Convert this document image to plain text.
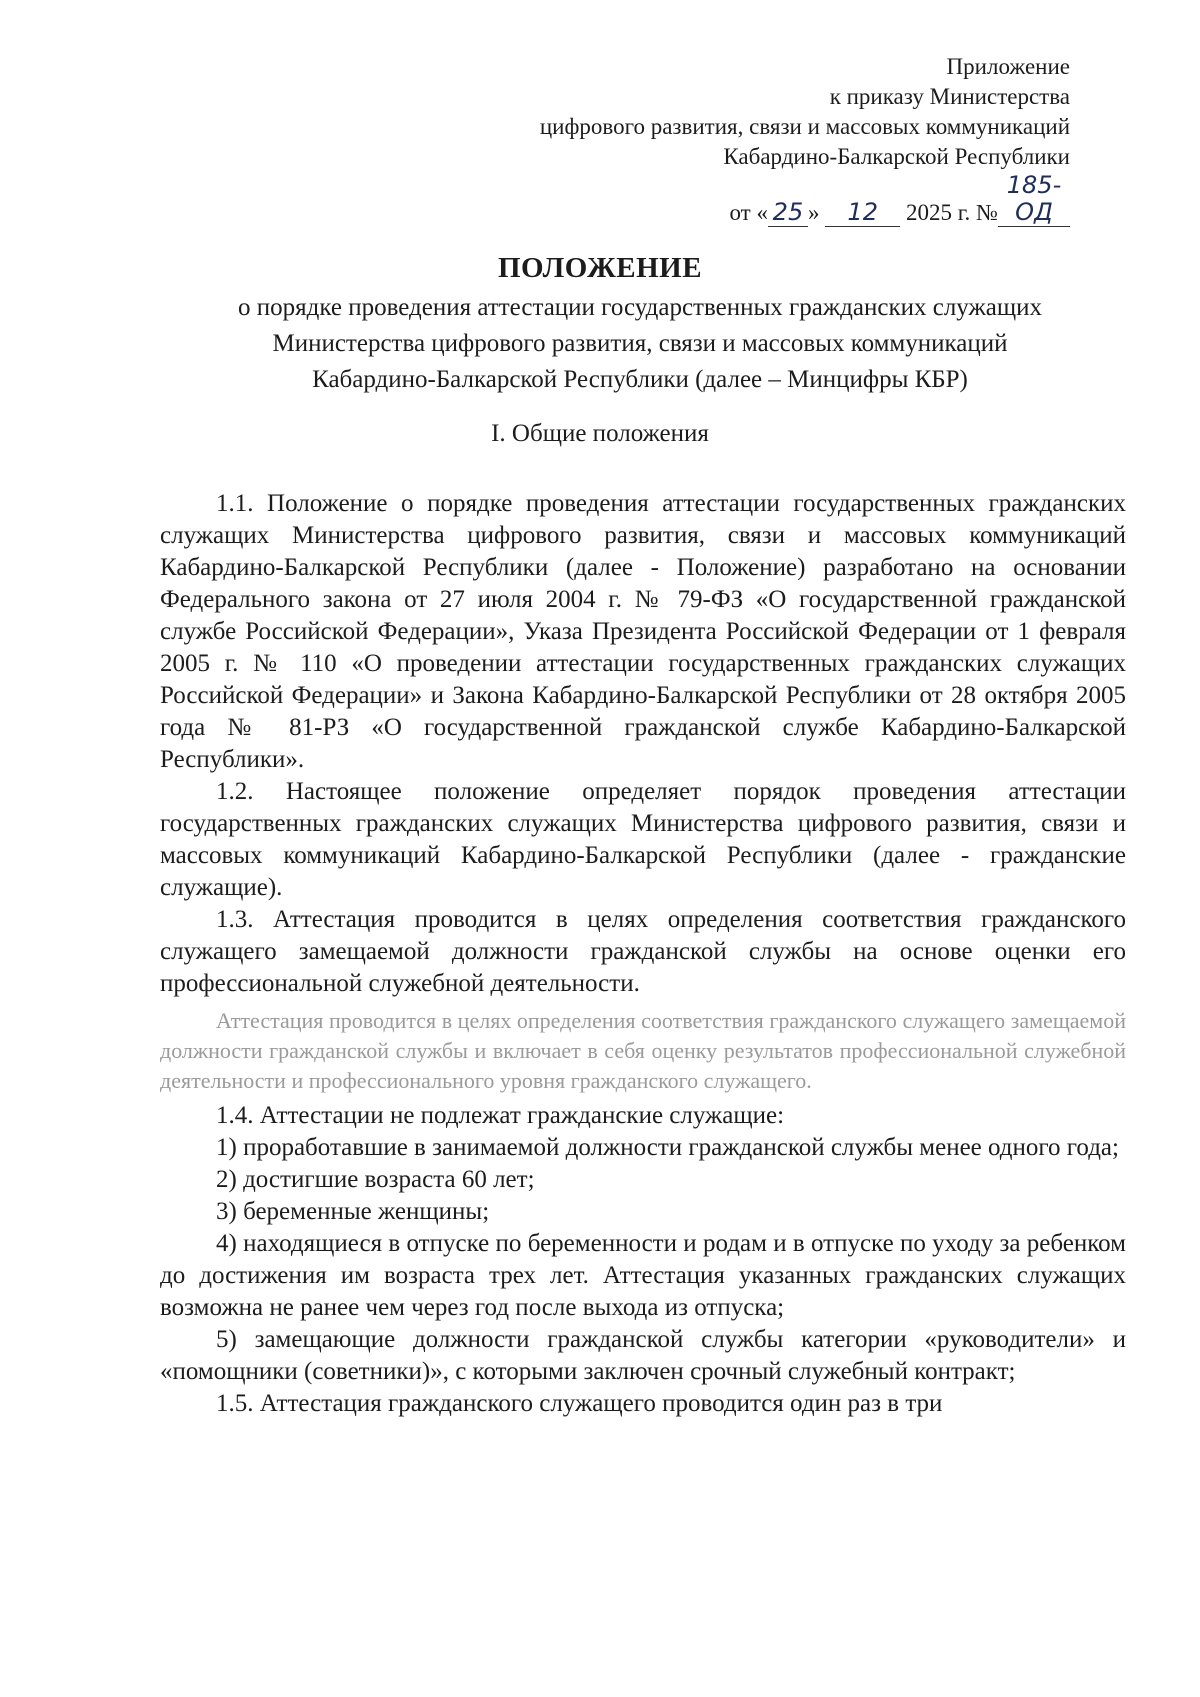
Приложение
к приказу Министерства
цифрового развития, связи и массовых коммуникаций
Кабардино-Балкарской Республики
от « 25 » 12 2025 г. №185-ОД
ПОЛОЖЕНИЕ
о порядке проведения аттестации государственных гражданских служащих
Министерства цифрового развития, связи и массовых коммуникаций
Кабардино-Балкарской Республики (далее – Минцифры КБР)
I. Общие положения

1.1. Положение о порядке проведения аттестации государственных гражданских служащих Министерства цифрового развития, связи и массовых коммуникаций Кабардино-Балкарской Республики (далее - Положение) разработано на основании Федерального закона от 27 июля 2004 г. № 79-ФЗ «О государственной гражданской службе Российской Федерации», Указа Президента Российской Федерации от 1 февраля 2005 г. № 110 «О проведении аттестации государственных гражданских служащих Российской Федерации» и Закона Кабардино-Балкарской Республики от 28 октября 2005 года № 81-РЗ «О государственной гражданской службе Кабардино-Балкарской Республики».

1.2. Настоящее положение определяет порядок проведения аттестации государственных гражданских служащих Министерства цифрового развития, связи и массовых коммуникаций Кабардино-Балкарской Республики (далее - гражданские служащие).

1.3. Аттестация проводится в целях определения соответствия гражданского служащего замещаемой должности гражданской службы на основе оценки его профессиональной служебной деятельности.

Аттестация проводится в целях определения соответствия гражданского служащего замещаемой должности гражданской службы и включает в себя оценку результатов профессиональной служебной деятельности и профессионального уровня гражданского служащего.

1.4. Аттестации не подлежат гражданские служащие:

1) проработавшие в занимаемой должности гражданской службы менее одного года;

2) достигшие возраста 60 лет;

3) беременные женщины;

4) находящиеся в отпуске по беременности и родам и в отпуске по уходу за ребенком до достижения им возраста трех лет. Аттестация указанных гражданских служащих возможна не ранее чем через год после выхода из отпуска;

5) замещающие должности гражданской службы категории «руководители» и «помощники (советники)», с которыми заключен срочный служебный контракт;

1.5. Аттестация гражданского служащего проводится один раз в три
